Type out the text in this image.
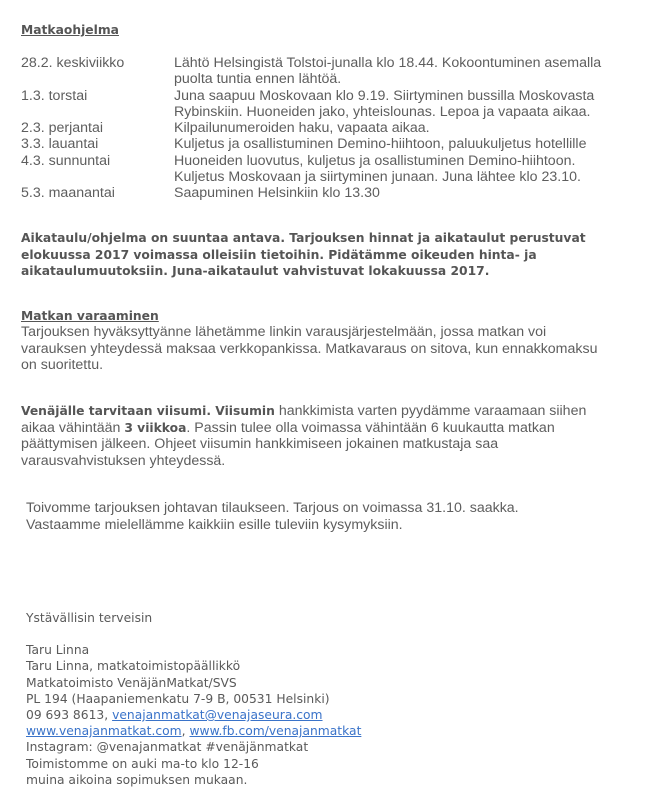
Matkaohjelma
28.2. keskiviikko	Lähtö Helsingistä Tolstoi-junalla klo 18.44. Kokoontuminen asemalla
puolta tuntia ennen lähtöä.
1.3. torstai	Juna saapuu Moskovaan klo 9.19. Siirtyminen bussilla Moskovasta
Rybinskiin. Huoneiden jako, yhteislounas. Lepoa ja vapaata aikaa.
2.3. perjantai	Kilpailunumeroiden haku, vapaata aikaa.
3.3. lauantai	Kuljetus ja osallistuminen Demino-hiihtoon, paluukuljetus hotellille
4.3. sunnuntai	Huoneiden luovutus, kuljetus ja osallistuminen Demino-hiihtoon.
Kuljetus Moskovaan ja siirtyminen junaan. Juna lähtee klo 23.10.
5.3. maanantai	Saapuminen Helsinkiin klo 13.30
Aikataulu/ohjelma on suuntaa antava. Tarjouksen hinnat ja aikataulut perustuvat
elokuussa 2017 voimassa olleisiin tietoihin. Pidätämme oikeuden hinta- ja
aikataulumuutoksiin. Juna-aikataulut vahvistuvat lokakuussa 2017.
Matkan varaaminen
Tarjouksen hyväksyttyänne lähetämme linkin varausjärjestelmään, jossa matkan voi
varauksen yhteydessä maksaa verkkopankissa. Matkavaraus on sitova, kun ennakkomaksu
on suoritettu.
Venäjälle tarvitaan viisumi. Viisumin hankkimista varten pyydämme varaamaan siihen
aikaa vähintään 3 viikkoa. Passin tulee olla voimassa vähintään 6 kuukautta matkan
päättymisen jälkeen. Ohjeet viisumin hankkimiseen jokainen matkustaja saa
varausvahvistuksen yhteydessä.
Toivomme tarjouksen johtavan tilaukseen. Tarjous on voimassa 31.10. saakka.
Vastaamme mielellämme kaikkiin esille tuleviin kysymyksiin.
Ystävällisin terveisin
Taru Linna
Taru Linna, matkatoimistopäällikkö
Matkatoimisto VenäjänMatkat/SVS
PL 194 (Haapaniemenkatu 7-9 B, 00531 Helsinki)
09 693 8613, venajanmatkat@venajaseura.com
www.venajanmatkat.com, www.fb.com/venajanmatkat
Instagram: @venajanmatkat #venäjänmatkat
Toimistomme on auki ma-to klo 12-16
muina aikoina sopimuksen mukaan.
